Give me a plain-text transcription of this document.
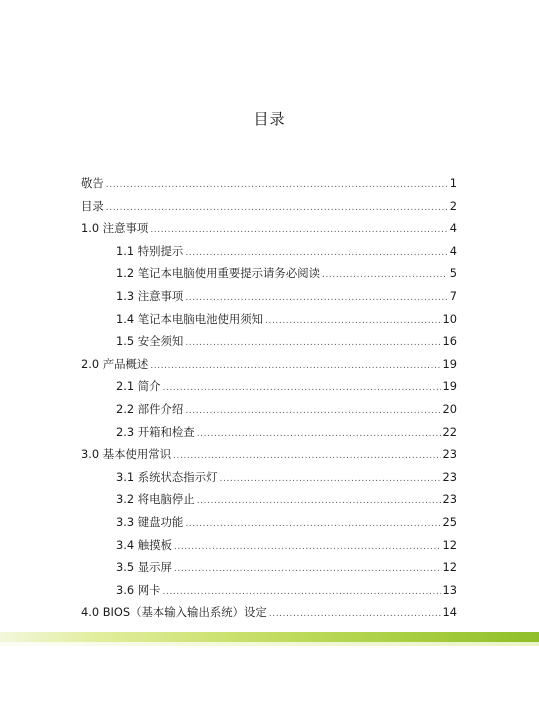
目录
敬告 .....	1
目录 .....	2
1.0 注意事项 .....	4
1.1 特别提示 .....	4
1.2 笔记本电脑使用重要提示请务必阅读 .....	5
1.3 注意事项 .....	7
1.4 笔记本电脑电池使用须知 .....	10
1.5 安全须知 .....	16
2.0 产品概述 .....	19
2.1 简介 .....	19
2.2 部件介绍 .....	20
2.3 开箱和检查 .....	22
3.0 基本使用常识 .....	23
3.1 系统状态指示灯 .....	23
3.2 将电脑停止 .....	23
3.3 键盘功能 .....	25
3.4 触摸板 .....	12
3.5 显示屏 .....	12
3.6 网卡 .....	13
4.0 BIOS（基本输入输出系统）设定 .....	14
